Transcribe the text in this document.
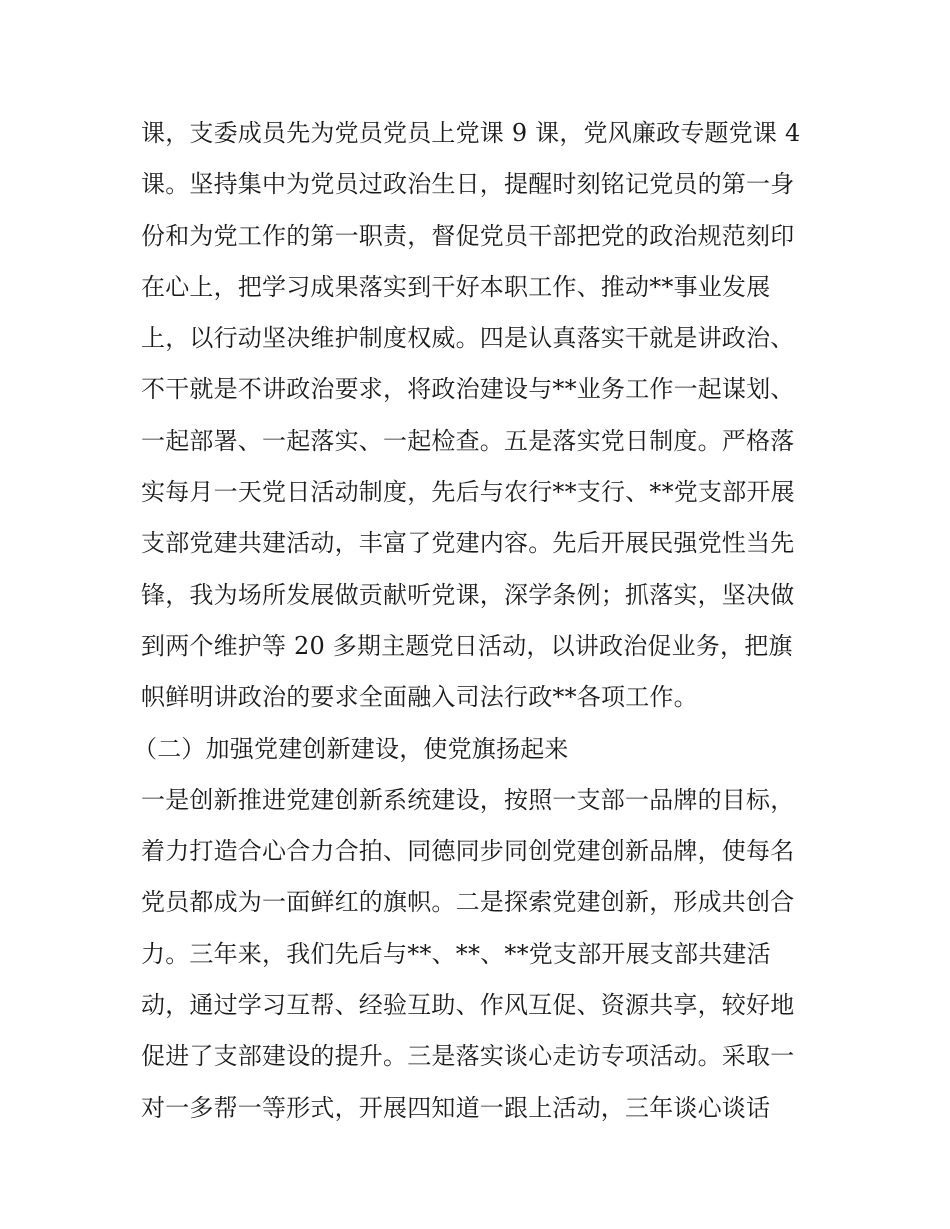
课，支委成员先为党员党员上党课 9 课，党风廉政专题党课 4
课。坚持集中为党员过政治生日，提醒时刻铭记党员的第一身
份和为党工作的第一职责，督促党员干部把党的政治规范刻印
在心上，把学习成果落实到干好本职工作、推动**事业发展
上，以行动坚决维护制度权威。四是认真落实干就是讲政治、
不干就是不讲政治要求，将政治建设与**业务工作一起谋划、
一起部署、一起落实、一起检查。五是落实党日制度。严格落
实每月一天党日活动制度，先后与农行**支行、**党支部开展
支部党建共建活动，丰富了党建内容。先后开展民强党性当先
锋，我为场所发展做贡献听党课，深学条例；抓落实，坚决做
到两个维护等 20 多期主题党日活动，以讲政治促业务，把旗
帜鲜明讲政治的要求全面融入司法行政**各项工作。
（二）加强党建创新建设，使党旗扬起来
一是创新推进党建创新系统建设，按照一支部一品牌的目标，
着力打造合心合力合拍、同德同步同创党建创新品牌，使每名
党员都成为一面鲜红的旗帜。二是探索党建创新，形成共创合
力。三年来，我们先后与**、**、**党支部开展支部共建活
动，通过学习互帮、经验互助、作风互促、资源共享，较好地
促进了支部建设的提升。三是落实谈心走访专项活动。采取一
对一多帮一等形式，开展四知道一跟上活动，三年谈心谈话
